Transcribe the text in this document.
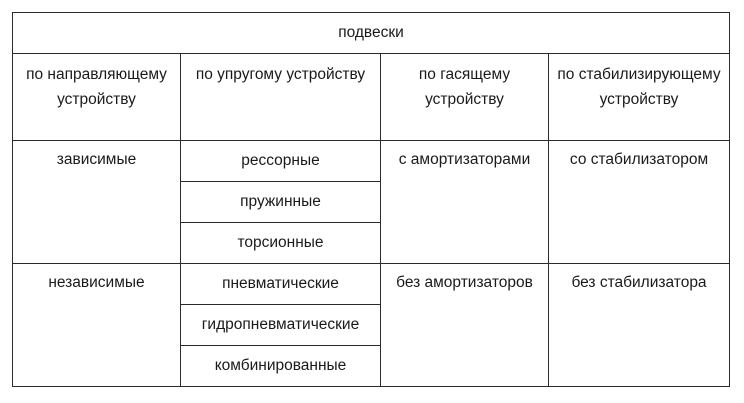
подвески			
по направляющему устройству	по упругому устройству	по гасящему устройству	по стабилизирующему устройству
зависимые	рессорные	с амортизаторами	со стабилизатором
	пружинные		
	торсионные		
независимые	пневматические	без амортизаторов	без стабилизатора
	гидропневматические		
	комбинированные		
